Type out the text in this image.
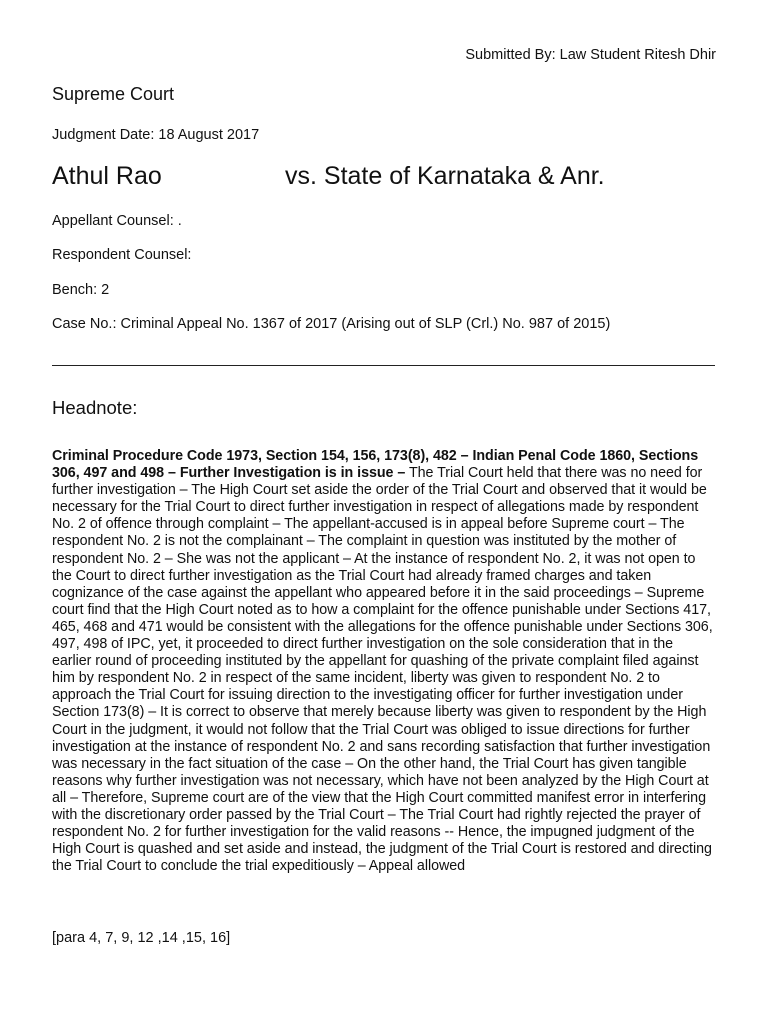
Submitted By: Law Student Ritesh Dhir
Supreme Court
Judgment Date: 18 August 2017
Athul Rao	vs. State of Karnataka & Anr.
Appellant Counsel: .
Respondent Counsel:
Bench: 2
Case No.: Criminal Appeal No. 1367 of 2017 (Arising out of SLP (Crl.) No. 987 of 2015)
Headnote:
Criminal Procedure Code 1973, Section 154, 156, 173(8), 482 – Indian Penal Code 1860, Sections 306, 497 and 498 – Further Investigation is in issue – The Trial Court held that there was no need for further investigation – The High Court set aside the order of the Trial Court and observed that it would be necessary for the Trial Court to direct further investigation in respect of allegations made by respondent No. 2 of offence through complaint – The appellant-accused is in appeal before Supreme court – The respondent No. 2 is not the complainant – The complaint in question was instituted by the mother of respondent No. 2 – She was not the applicant – At the instance of respondent No. 2, it was not open to the Court to direct further investigation as the Trial Court had already framed charges and taken cognizance of the case against the appellant who appeared before it in the said proceedings – Supreme court find that the High Court noted as to how a complaint for the offence punishable under Sections 417, 465, 468 and 471 would be consistent with the allegations for the offence punishable under Sections 306, 497, 498 of IPC, yet, it proceeded to direct further investigation on the sole consideration that in the earlier round of proceeding instituted by the appellant for quashing of the private complaint filed against him by respondent No. 2 in respect of the same incident, liberty was given to respondent No. 2 to approach the Trial Court for issuing direction to the investigating officer for further investigation under Section 173(8) – It is correct to observe that merely because liberty was given to respondent by the High Court in the judgment, it would not follow that the Trial Court was obliged to issue directions for further investigation at the instance of respondent No. 2 and sans recording satisfaction that further investigation was necessary in the fact situation of the case – On the other hand, the Trial Court has given tangible reasons why further investigation was not necessary, which have not been analyzed by the High Court at all – Therefore, Supreme court are of the view that the High Court committed manifest error in interfering with the discretionary order passed by the Trial Court – The Trial Court had rightly rejected the prayer of respondent No. 2 for further investigation for the valid reasons -- Hence, the impugned judgment of the High Court is quashed and set aside and instead, the judgment of the Trial Court is restored and directing the Trial Court to conclude the trial expeditiously – Appeal allowed
[para 4, 7, 9, 12 ,14 ,15, 16]
